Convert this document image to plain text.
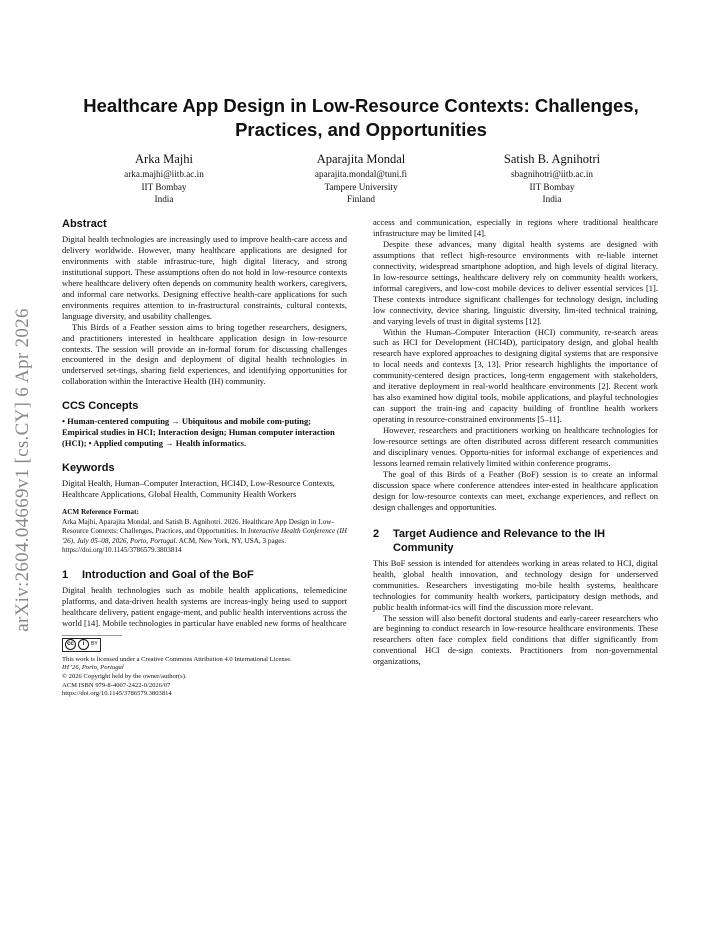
arXiv:2604.04669v1 [cs.CY] 6 Apr 2026
Healthcare App Design in Low-Resource Contexts: Challenges,
Practices, and Opportunities
Arka Majhi
arka.majhi@iitb.ac.in
IIT Bombay
India
Aparajita Mondal
aparajita.mondal@tuni.fi
Tampere University
Finland
Satish B. Agnihotri
sbagnihotri@iitb.ac.in
IIT Bombay
India
Abstract

Digital health technologies are increasingly used to improve health-care access and delivery worldwide. However, many healthcare applications are designed for environments with stable infrastruc-ture, high digital literacy, and strong institutional support. These assumptions often do not hold in low-resource contexts where healthcare delivery often depends on community health workers, caregivers, and informal care networks. Designing effective health-care applications for such environments requires attention to in-frastructural constraints, cultural contexts, language diversity, and usability challenges.

This Birds of a Feather session aims to bring together researchers, designers, and practitioners interested in healthcare application design in low-resource contexts. The session will provide an in-formal forum for discussing challenges encountered in the design and deployment of digital health technologies in underserved set-tings, sharing field experiences, and identifying opportunities for collaboration within the Interactive Health (IH) community.

CCS Concepts

• Human-centered computing → Ubiquitous and mobile com-puting; Empirical studies in HCI; Interaction design; Human computer interaction (HCI); • Applied computing → Health informatics.

Keywords

Digital Health, Human–Computer Interaction, HCI4D, Low-Resource Contexts, Healthcare Applications, Global Health, Community Health Workers

ACM Reference Format:
Arka Majhi, Aparajita Mondal, and Satish B. Agnihotri. 2026. Healthcare App Design in Low-Resource Contexts: Challenges, Practices, and Opportunities. In Interactive Health Conference (IH '26), July 05–08, 2026, Porto, Portugal. ACM, New York, NY, USA, 3 pages. https://doi.org/10.1145/3786579.3803814
1	Introduction and Goal of the BoF

Digital health technologies such as mobile health applications, telemedicine platforms, and data-driven health systems are increas-ingly being used to support healthcare delivery, patient engage-ment, and public health interventions across the world [14]. Mobile technologies in particular have enabled new forms of healthcare

cc	i	BY
This work is licensed under a Creative Commons Attribution 4.0 International License.
IH '26, Porto, Portugal
© 2026 Copyright held by the owner/author(s).
ACM ISBN 979-8-4007-2422-0/2026/07
https://doi.org/10.1145/3786579.3803814

access and communication, especially in regions where traditional healthcare infrastructure may be limited [4].

Despite these advances, many digital health systems are designed with assumptions that reflect high-resource environments with re-liable internet connectivity, widespread smartphone adoption, and high levels of digital literacy. In low-resource settings, healthcare delivery rely on community health workers, informal caregivers, and low-cost mobile devices to deliver essential services [1]. These contexts introduce significant challenges for technology design, including low connectivity, device sharing, linguistic diversity, lim-ited technical training, and varying levels of trust in digital systems [12].

Within the Human–Computer Interaction (HCI) community, re-search areas such as HCI for Development (HCI4D), participatory design, and global health research have explored approaches to designing digital systems that are responsive to local needs and contexts [3, 13]. Prior research highlights the importance of community-centered design practices, long-term engagement with stakeholders, and iterative deployment in real-world healthcare environments [2]. Recent work has also examined how digital tools, mobile applications, and playful technologies can support the train-ing and capacity building of frontline health workers operating in resource-constrained environments [5–11].

However, researchers and practitioners working on healthcare technologies for low-resource settings are often distributed across different research communities and disciplinary venues. Opportu-nities for informal exchange of experiences and lessons learned remain relatively limited within conference programs.

The goal of this Birds of a Feather (BoF) session is to create an informal discussion space where conference attendees inter-ested in healthcare application design for low-resource contexts can meet, exchange experiences, and reflect on design challenges and opportunities.

2	Target Audience and Relevance to the IH
Community

This BoF session is intended for attendees working in areas related to HCI, digital health, global health innovation, and technology design for underserved communities. Researchers investigating mo-bile health systems, healthcare technologies for community health workers, participatory design methods, and public health informat-ics will find the discussion more relevant.

The session will also benefit doctoral students and early-career researchers who are beginning to conduct research in low-resource healthcare environments. These researchers often face complex field conditions that differ significantly from conventional HCI de-sign contexts. Practitioners from non-governmental organizations,
